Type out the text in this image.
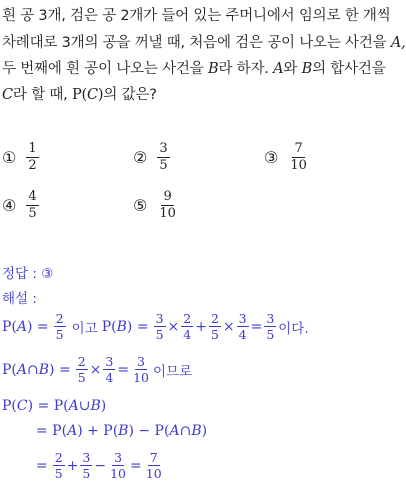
흰 공 3개, 검은 공 2개가 들어 있는 주머니에서 임의로 한 개씩
차례대로 3개의 공을 꺼낼 때, 처음에 검은 공이 나오는 사건을 A,
두 번째에 흰 공이 나오는 사건을 B라 하자. A와 B의 합사건을
C라 할 때, P(C)의 값은?
① $\frac{1}{2}$	② $\frac{3}{5}$	③ $\frac{7}{10}$
④ $\frac{4}{5}$	⑤ $\frac{9}{10}$
정답 : ③
해설 :
P( A ) = $\frac{2}{5}$ 이고 P( B ) = $\frac{3}{5} \times \frac{2}{4} + \frac{2}{5} \times \frac{3}{4} = \frac{3}{5}$ 이다.
P( A ∩ B ) = $\frac{2}{5} \times \frac{3}{4} = \frac{3}{10}$ 이므로
P( C ) = P( A ∪ B )
= P( A ) + P( B ) − P( A ∩ B )
= $\frac{2}{5} + \frac{3}{5} - \frac{3}{10} = \frac{7}{10}$
